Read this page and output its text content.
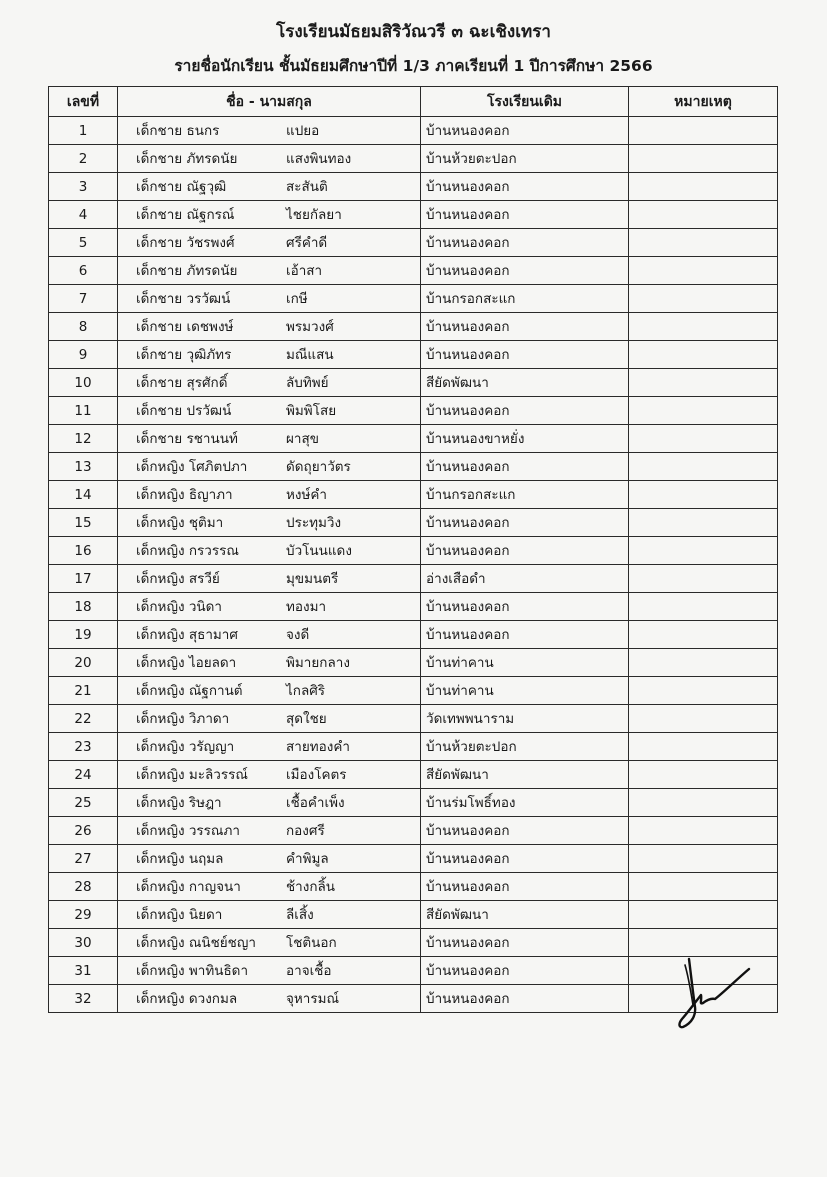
โรงเรียนมัธยมสิริวัณวรี ๓ ฉะเชิงเทรา
รายชื่อนักเรียน ชั้นมัธยมศึกษาปีที่ 1/3 ภาคเรียนที่ 1 ปีการศึกษา 2566
เลขที่	ชื่อ - นามสกุล	โรงเรียนเดิม	หมายเหตุ
1	เด็กชาย ธนกร แปยอ	บ้านหนองคอก	
2	เด็กชาย ภัทรดนัย แสงพินทอง	บ้านห้วยตะปอก	
3	เด็กชาย ณัฐวุฒิ สะสันติ	บ้านหนองคอก	
4	เด็กชาย ณัฐกรณ์ ไชยกัลยา	บ้านหนองคอก	
5	เด็กชาย วัชรพงศ์ ศรีคำดี	บ้านหนองคอก	
6	เด็กชาย ภัทรดนัย เอ้าสา	บ้านหนองคอก	
7	เด็กชาย วรวัฒน์ เกษี	บ้านกรอกสะแก	
8	เด็กชาย เดชพงษ์ พรมวงศ์	บ้านหนองคอก	
9	เด็กชาย วุฒิภัทร มณีแสน	บ้านหนองคอก	
10	เด็กชาย สุรศักดิ์ ลับทิพย์	สียัดพัฒนา	
11	เด็กชาย ปรวัฒน์ พิมพิโสย	บ้านหนองคอก	
12	เด็กชาย รชานนท์ ผาสุข	บ้านหนองขาหยั่ง	
13	เด็กหญิง โศภิตปภา ดัดถุยาวัตร	บ้านหนองคอก	
14	เด็กหญิง ธิญาภา หงษ์คำ	บ้านกรอกสะแก	
15	เด็กหญิง ชุติมา ประทุมวิง	บ้านหนองคอก	
16	เด็กหญิง กรวรรณ บัวโนนแดง	บ้านหนองคอก	
17	เด็กหญิง สรวีย์ มุขมนตรี	อ่างเสือดำ	
18	เด็กหญิง วนิดา ทองมา	บ้านหนองคอก	
19	เด็กหญิง สุธามาศ จงดี	บ้านหนองคอก	
20	เด็กหญิง ไอยลดา พิมายกลาง	บ้านท่าคาน	
21	เด็กหญิง ณัฐกานต์ ไกลศิริ	บ้านท่าคาน	
22	เด็กหญิง วิภาดา สุดใชย	วัดเทพพนาราม	
23	เด็กหญิง วรัญญา สายทองคำ	บ้านห้วยตะปอก	
24	เด็กหญิง มะลิวรรณ์ เมืองโคตร	สียัดพัฒนา	
25	เด็กหญิง ริษฎา เชื้อคำเพ็ง	บ้านร่มโพธิ์ทอง	
26	เด็กหญิง วรรณภา กองศรี	บ้านหนองคอก	
27	เด็กหญิง นฤมล คำพิมูล	บ้านหนองคอก	
28	เด็กหญิง กาญจนา ช้างกลิ้น	บ้านหนองคอก	
29	เด็กหญิง นิยดา ลีเสิ้ง	สียัดพัฒนา	
30	เด็กหญิง ณนิชย์ชญา โชตินอก	บ้านหนองคอก	
31	เด็กหญิง พาทินธิดา อาจเชื้อ	บ้านหนองคอก	
32	เด็กหญิง ดวงกมล จุหารมณ์	บ้านหนองคอก	
